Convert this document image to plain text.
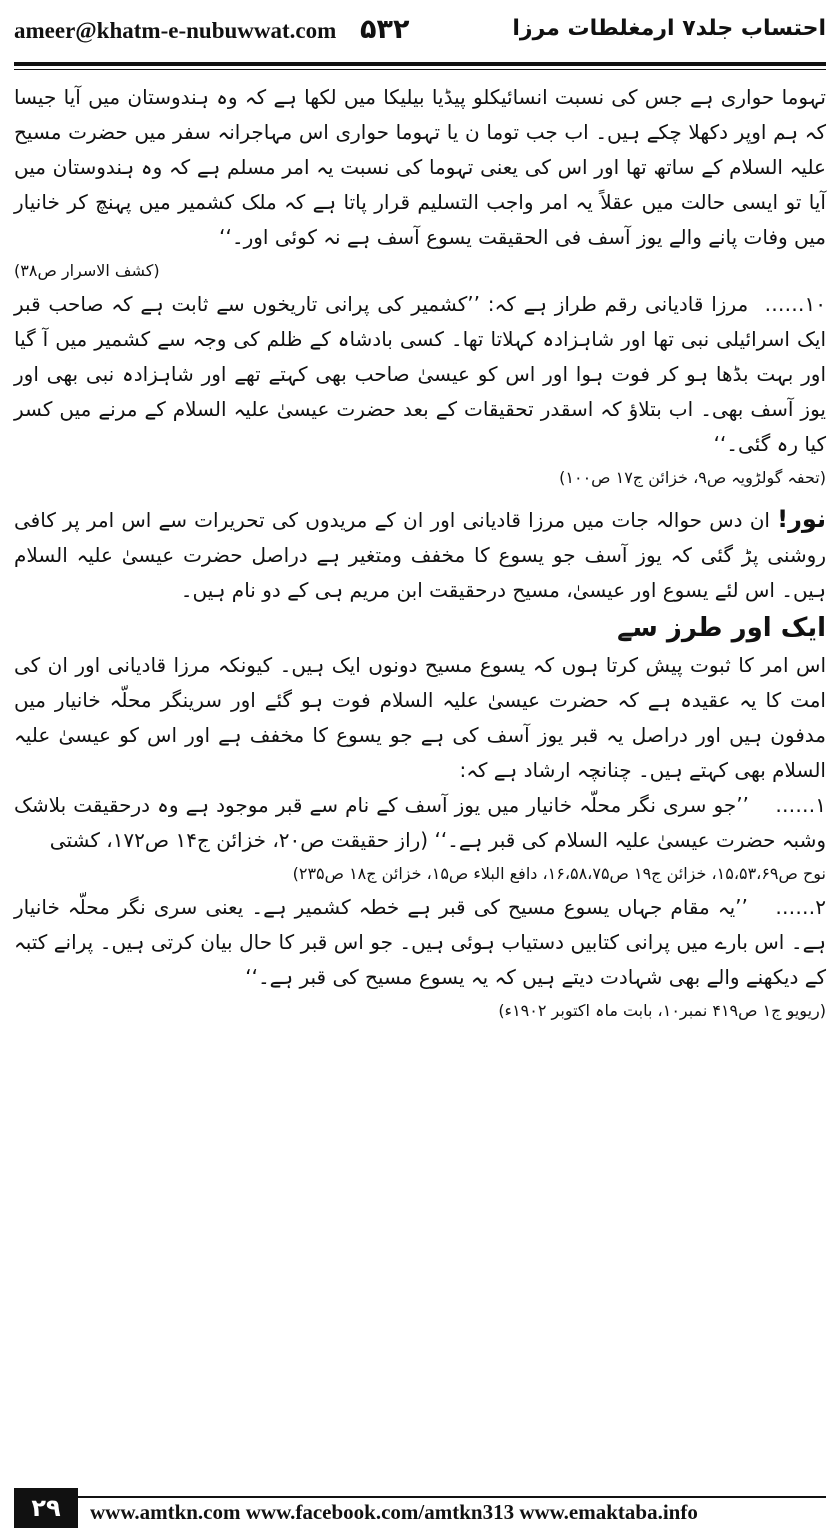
ameer@khatm-e-nubuwwat.com ۵۳۲	احتساب جلد۷ ارمغلطات مرزا

تہوما حواری ہے جس کی نسبت انسائیکلو پیڈیا بیلیکا میں لکھا ہے کہ وہ ہندوستان میں آیا جیسا کہ ہم اوپر دکھلا چکے ہیں۔ اب جب توما ن یا تہوما حواری اس مہاجرانہ سفر میں حضرت مسیح علیہ السلام کے ساتھ تھا اور اس کی یعنی تہوما کی نسبت یہ امر مسلم ہے کہ وہ ہندوستان میں آیا تو ایسی حالت میں عقلاً یہ امر واجب التسلیم قرار پاتا ہے کہ ملک کشمیر میں پہنچ کر خانیار میں وفات پانے والے یوز آسف فی الحقیقت یسوع آسف ہے نہ کوئی اور۔‘‘

(کشف الاسرار ص۳۸)

۱۰…… مرزا قادیانی رقم طراز ہے کہ: ’’کشمیر کی پرانی تاریخوں سے ثابت ہے کہ صاحب قبر ایک اسرائیلی نبی تھا اور شاہزادہ کہلاتا تھا۔ کسی بادشاہ کے ظلم کی وجہ سے کشمیر میں آ گیا اور بہت بڈھا ہو کر فوت ہوا اور اس کو عیسیٰ صاحب بھی کہتے تھے اور شاہزادہ نبی بھی اور یوز آسف بھی۔ اب بتلاؤ کہ اسقدر تحقیقات کے بعد حضرت عیسیٰ علیہ السلام کے مرنے میں کسر کیا رہ گئی۔‘‘

(تحفہ گولڑویہ ص۹، خزائن ج۱۷ ص۱۰۰)

نور! ان دس حوالہ جات میں مرزا قادیانی اور ان کے مریدوں کی تحریرات سے اس امر پر کافی روشنی پڑ گئی کہ یوز آسف جو یسوع کا مخفف ومتغیر ہے دراصل حضرت عیسیٰ علیہ السلام ہیں۔ اس لئے یسوع اور عیسیٰ، مسیح درحقیقت ابن مریم ہی کے دو نام ہیں۔

ایک اور طرز سے

اس امر کا ثبوت پیش کرتا ہوں کہ یسوع مسیح دونوں ایک ہیں۔ کیونکہ مرزا قادیانی اور ان کی امت کا یہ عقیدہ ہے کہ حضرت عیسیٰ علیہ السلام فوت ہو گئے اور سرینگر محلّہ خانیار میں مدفون ہیں اور دراصل یہ قبر یوز آسف کی ہے جو یسوع کا مخفف ہے اور اس کو عیسیٰ علیہ السلام بھی کہتے ہیں۔ چنانچہ ارشاد ہے کہ:

۱…… ’’جو سری نگر محلّہ خانیار میں یوز آسف کے نام سے قبر موجود ہے وہ درحقیقت بلاشک وشبہ حضرت عیسیٰ علیہ السلام کی قبر ہے۔‘‘ (راز حقیقت ص۲۰، خزائن ج۱۴ ص۱۷۲، کشتی

نوح ص۱۵،۵۳،۶۹، خزائن ج۱۹ ص۱۶،۵۸،۷۵، دافع البلاء ص۱۵، خزائن ج۱۸ ص۲۳۵)

۲…… ’’یہ مقام جہاں یسوع مسیح کی قبر ہے خطہ کشمیر ہے۔ یعنی سری نگر محلّہ خانیار ہے۔ اس بارے میں پرانی کتابیں دستیاب ہوئی ہیں۔ جو اس قبر کا حال بیان کرتی ہیں۔ پرانے کتبہ کے دیکھنے والے بھی شہادت دیتے ہیں کہ یہ یسوع مسیح کی قبر ہے۔‘‘

(ریویو ج۱ ص۴۱۹ نمبر۱۰، بابت ماہ اکتوبر ۱۹۰۲ء)

۲۹	www.amtkn.com www.facebook.com/amtkn313 www.emaktaba.info
